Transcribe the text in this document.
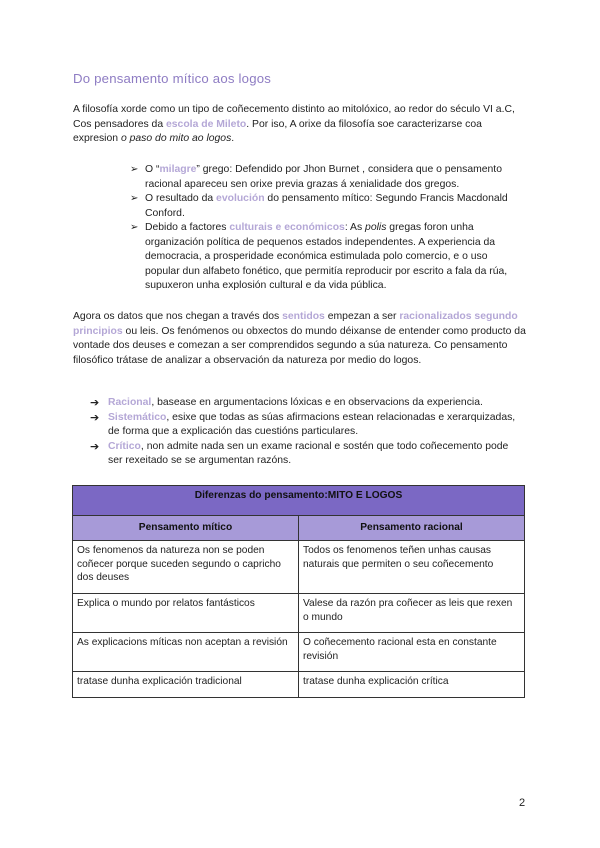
Do pensamento mítico aos logos
A filosofía xorde como un tipo de coñecemento distinto ao mitolóxico, ao redor do século VI a.C, Cos pensadores da escola de Mileto. Por iso, A orixe da filosofía soe caracterizarse coa expresion o paso do mito ao logos.
➢ O “milagre” grego: Defendido por Jhon Burnet , considera que o pensamento racional apareceu sen orixe previa grazas á xenialidade dos gregos.
➢ O resultado da evolución do pensamento mítico: Segundo Francis Macdonald Conford.
➢ Debido a factores culturais e económicos: As polis gregas foron unha organización política de pequenos estados independentes. A experiencia da democracia, a prosperidade económica estimulada polo comercio, e o uso popular dun alfabeto fonético, que permitía reproducir por escrito a fala da rúa, supuxeron unha explosión cultural e da vida pública.
Agora os datos que nos chegan a través dos sentidos empezan a ser racionalizados segundo principios ou leis. Os fenómenos ou obxectos do mundo déixanse de entender como producto da vontade dos deuses e comezan a ser comprendidos segundo a súa natureza. Co pensamento filosófico trátase de analizar a observación da natureza por medio do logos.
➔ Racional, basease en argumentacions lóxicas e en observacions da experiencia.
➔ Sistemático, esixe que todas as súas afirmacions estean relacionadas e xerarquizadas, de forma que a explicación das cuestións particulares.
➔ Crítico, non admite nada sen un exame racional e sostén que todo coñecemento pode ser rexeitado se se argumentan razóns.
Diferenzas do pensamento:MITO E LOGOS	
Pensamento mítico	Pensamento racional
Os fenomenos da natureza non se poden coñecer porque suceden segundo o capricho dos deuses	Todos os fenomenos teñen unhas causas naturais que permiten o seu coñecemento
Explica o mundo por relatos fantásticos	Valese da razón pra coñecer as leis que rexen o mundo
As explicacions míticas non aceptan a revisión	O coñecemento racional esta en constante revisión
tratase dunha explicación tradicional	tratase dunha explicación crítica
2
